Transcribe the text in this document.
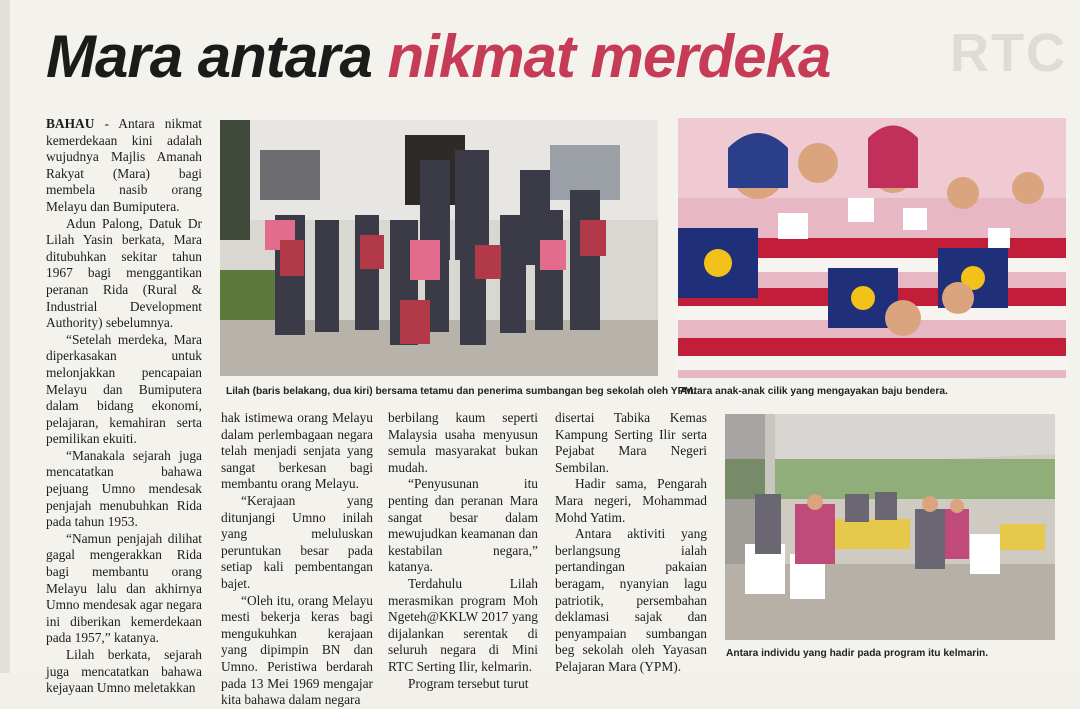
RTC
Mara antara nikmat merdeka

BAHAU - Antara nikmat kemerdekaan kini adalah wujudnya Majlis Amanah Rakyat (Mara) bagi membela nasib orang Melayu dan Bumiputera.

Adun Palong, Datuk Dr Lilah Yasin berkata, Mara ditubuhkan sekitar tahun 1967 bagi menggantikan peranan Rida (Rural & Industrial Development Authority) sebelumnya.

“Setelah merdeka, Mara diperkasakan untuk melonjakkan pencapaian Melayu dan Bumiputera dalam bidang ekonomi, pelajaran, kemahiran serta pemilikan ekuiti.

“Manakala sejarah juga mencatatkan bahawa pejuang Umno mendesak penjajah menubuhkan Rida pada tahun 1953.

“Namun penjajah dilihat gagal mengerakkan Rida bagi membantu orang Melayu lalu dan akhirnya Umno mendesak agar negara ini diberikan kemerdekaan pada 1957,” katanya.

Lilah berkata, sejarah juga mencatatkan bahawa kejayaan Umno meletakkan

Lilah (baris belakang, dua kiri) bersama tetamu dan penerima sumbangan beg sekolah oleh YPM.
Antara anak-anak cilik yang mengayakan baju bendera.

hak istimewa orang Melayu dalam perlembagaan negara telah menjadi senjata yang sangat berkesan bagi membantu orang Melayu.

“Kerajaan yang ditunjangi Umno inilah yang meluluskan peruntukan besar pada setiap kali pembentangan bajet.

“Oleh itu, orang Melayu mesti bekerja keras bagi mengukuhkan kerajaan yang dipimpin BN dan Umno. Peristiwa berdarah pada 13 Mei 1969 mengajar kita bahawa dalam negara

berbilang kaum seperti Malaysia usaha menyusun semula masyarakat bukan mudah.

“Penyusunan itu penting dan peranan Mara sangat besar dalam mewujudkan keamanan dan kestabilan negara,” katanya.

Terdahulu Lilah merasmikan program Moh Ngeteh@KKLW 2017 yang dijalankan serentak di seluruh negara di Mini RTC Serting Ilir, kelmarin.

Program tersebut turut

disertai Tabika Kemas Kampung Serting Ilir serta Pejabat Mara Negeri Sembilan.

Hadir sama, Pengarah Mara negeri, Mohammad Mohd Yatim.

Antara aktiviti yang berlangsung ialah pertandingan pakaian beragam, nyanyian lagu patriotik, persembahan deklamasi sajak dan penyampaian sumbangan beg sekolah oleh Yayasan Pelajaran Mara (YPM).

Antara individu yang hadir pada program itu kelmarin.
